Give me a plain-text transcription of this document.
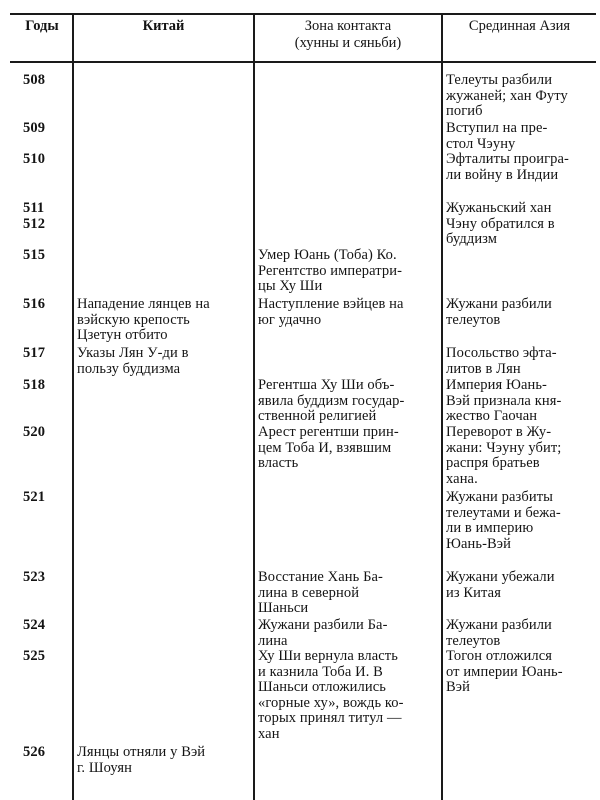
Годы	Китай	Зона контакта
(хунны и сяньби)
Срединная Азия
508
509
510
511
512
515
516
517
518
520
521
523
524
525
526
Нападение лянцев на
вэйскую крепость
Цзетун отбито
Указы Лян У-ди в
пользу буддизма
Лянцы отняли у Вэй
г. Шоуян
Умер Юань (Тоба) Ко.
Регентство императри-
цы Ху Ши
Наступление вэйцев на
юг удачно
Регентша Ху Ши объ-
явила буддизм государ-
ственной религией
Арест регентши прин-
цем Тоба И, взявшим
власть
Восстание Хань Ба-
лина в северной
Шаньси
Жужани разбили Ба-
лина
Ху Ши вернула власть
и казнила Тоба И. В
Шаньси отложились
«горные ху», вождь ко-
торых принял титул —
хан
Телеуты разбили
жужаней; хан Футу
погиб
Вступил на пре-
стол Чэуну
Эфталиты проигра-
ли войну в Индии
Жужаньский хан
Чэну обратился в
буддизм
Жужани разбили
телеутов
Посольство эфта-
литов в Лян
Империя Юань-
Вэй признала кня-
жество Гаочан
Переворот в Жу-
жани: Чэуну убит;
распря братьев
хана.
Жужани разбиты
телеутами и бежа-
ли в империю
Юань-Вэй
Жужани убежали
из Китая
Жужани разбили
телеутов
Тогон отложился
от империи Юань-
Вэй
